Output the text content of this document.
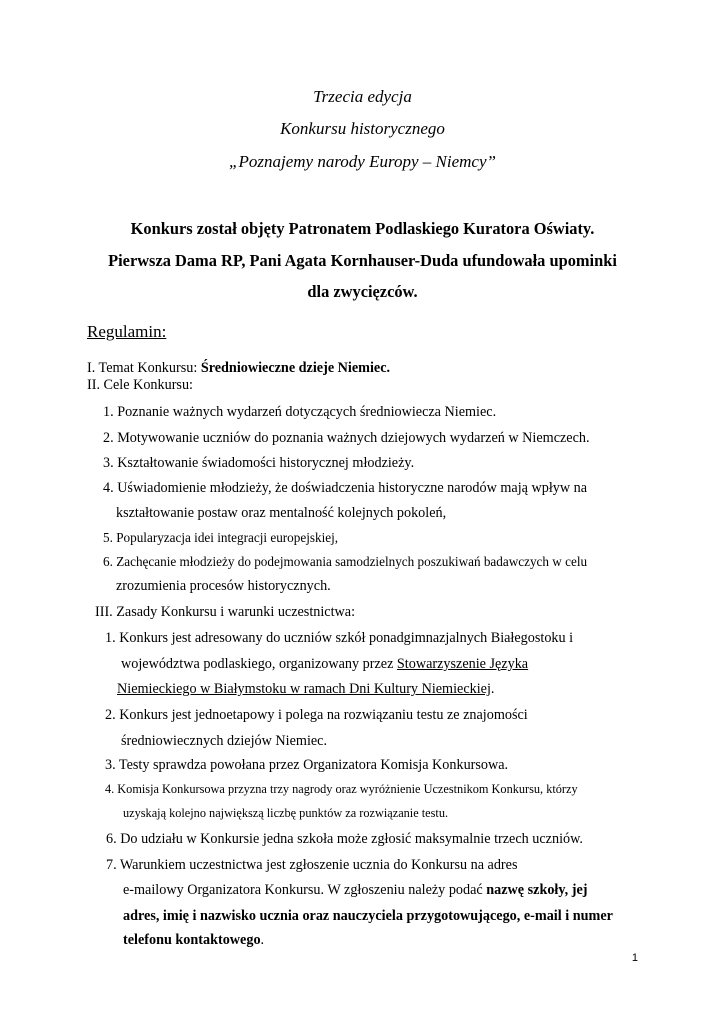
Trzecia edycja
Konkursu historycznego
„Poznajemy narody Europy – Niemcy”
Konkurs został objęty Patronatem Podlaskiego Kuratora Oświaty.
Pierwsza Dama RP, Pani Agata Kornhauser-Duda ufundowała upominki
dla zwycięzców.
Regulamin:
I. Temat Konkursu: Średniowieczne dzieje Niemiec.
II. Cele Konkursu:
1. Poznanie ważnych wydarzeń dotyczących średniowiecza Niemiec.
2. Motywowanie uczniów do poznania ważnych dziejowych wydarzeń w Niemczech.
3. Kształtowanie świadomości historycznej młodzieży.
4. Uświadomienie młodzieży, że doświadczenia historyczne narodów mają wpływ na
kształtowanie postaw oraz mentalność kolejnych pokoleń,
5. Popularyzacja idei integracji europejskiej,
6. Zachęcanie młodzieży do podejmowania samodzielnych poszukiwań badawczych w celu
zrozumienia procesów historycznych.
III. Zasady Konkursu i warunki uczestnictwa:
1. Konkurs jest adresowany do uczniów szkół ponadgimnazjalnych Białegostoku i
województwa podlaskiego, organizowany przez Stowarzyszenie Języka
Niemieckiego w Białymstoku w ramach Dni Kultury Niemieckiej.
2. Konkurs jest jednoetapowy i polega na rozwiązaniu testu ze znajomości
średniowiecznych dziejów Niemiec.
3. Testy sprawdza powołana przez Organizatora Komisja Konkursowa.
4. Komisja Konkursowa przyzna trzy nagrody oraz wyróżnienie Uczestnikom Konkursu, którzy
uzyskają kolejno największą liczbę punktów za rozwiązanie testu.
6. Do udziału w Konkursie jedna szkoła może zgłosić maksymalnie trzech uczniów.
7. Warunkiem uczestnictwa jest zgłoszenie ucznia do Konkursu na adres
e-mailowy Organizatora Konkursu. W zgłoszeniu należy podać nazwę szkoły, jej
adres, imię i nazwisko ucznia oraz nauczyciela przygotowującego, e-mail i numer
telefonu kontaktowego.
1
